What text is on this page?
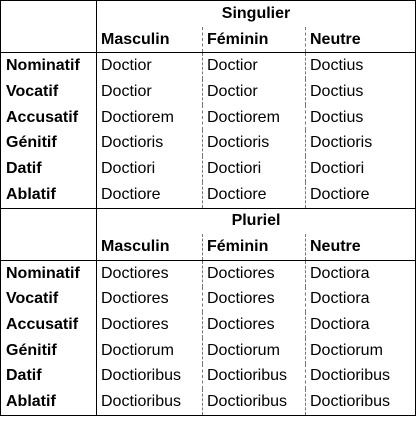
	Singulier		
	Masculin	Féminin	Neutre
Nominatif	Doctior	Doctior	Doctius
Vocatif	Doctior	Doctior	Doctius
Accusatif	Doctiorem	Doctiorem	Doctius
Génitif	Doctioris	Doctioris	Doctioris
Datif	Doctiori	Doctiori	Doctiori
Ablatif	Doctiore	Doctiore	Doctiore
	Pluriel		
	Masculin	Féminin	Neutre
Nominatif	Doctiores	Doctiores	Doctiora
Vocatif	Doctiores	Doctiores	Doctiora
Accusatif	Doctiores	Doctiores	Doctiora
Génitif	Doctiorum	Doctiorum	Doctiorum
Datif	Doctioribus	Doctioribus	Doctioribus
Ablatif	Doctioribus	Doctioribus	Doctioribus
